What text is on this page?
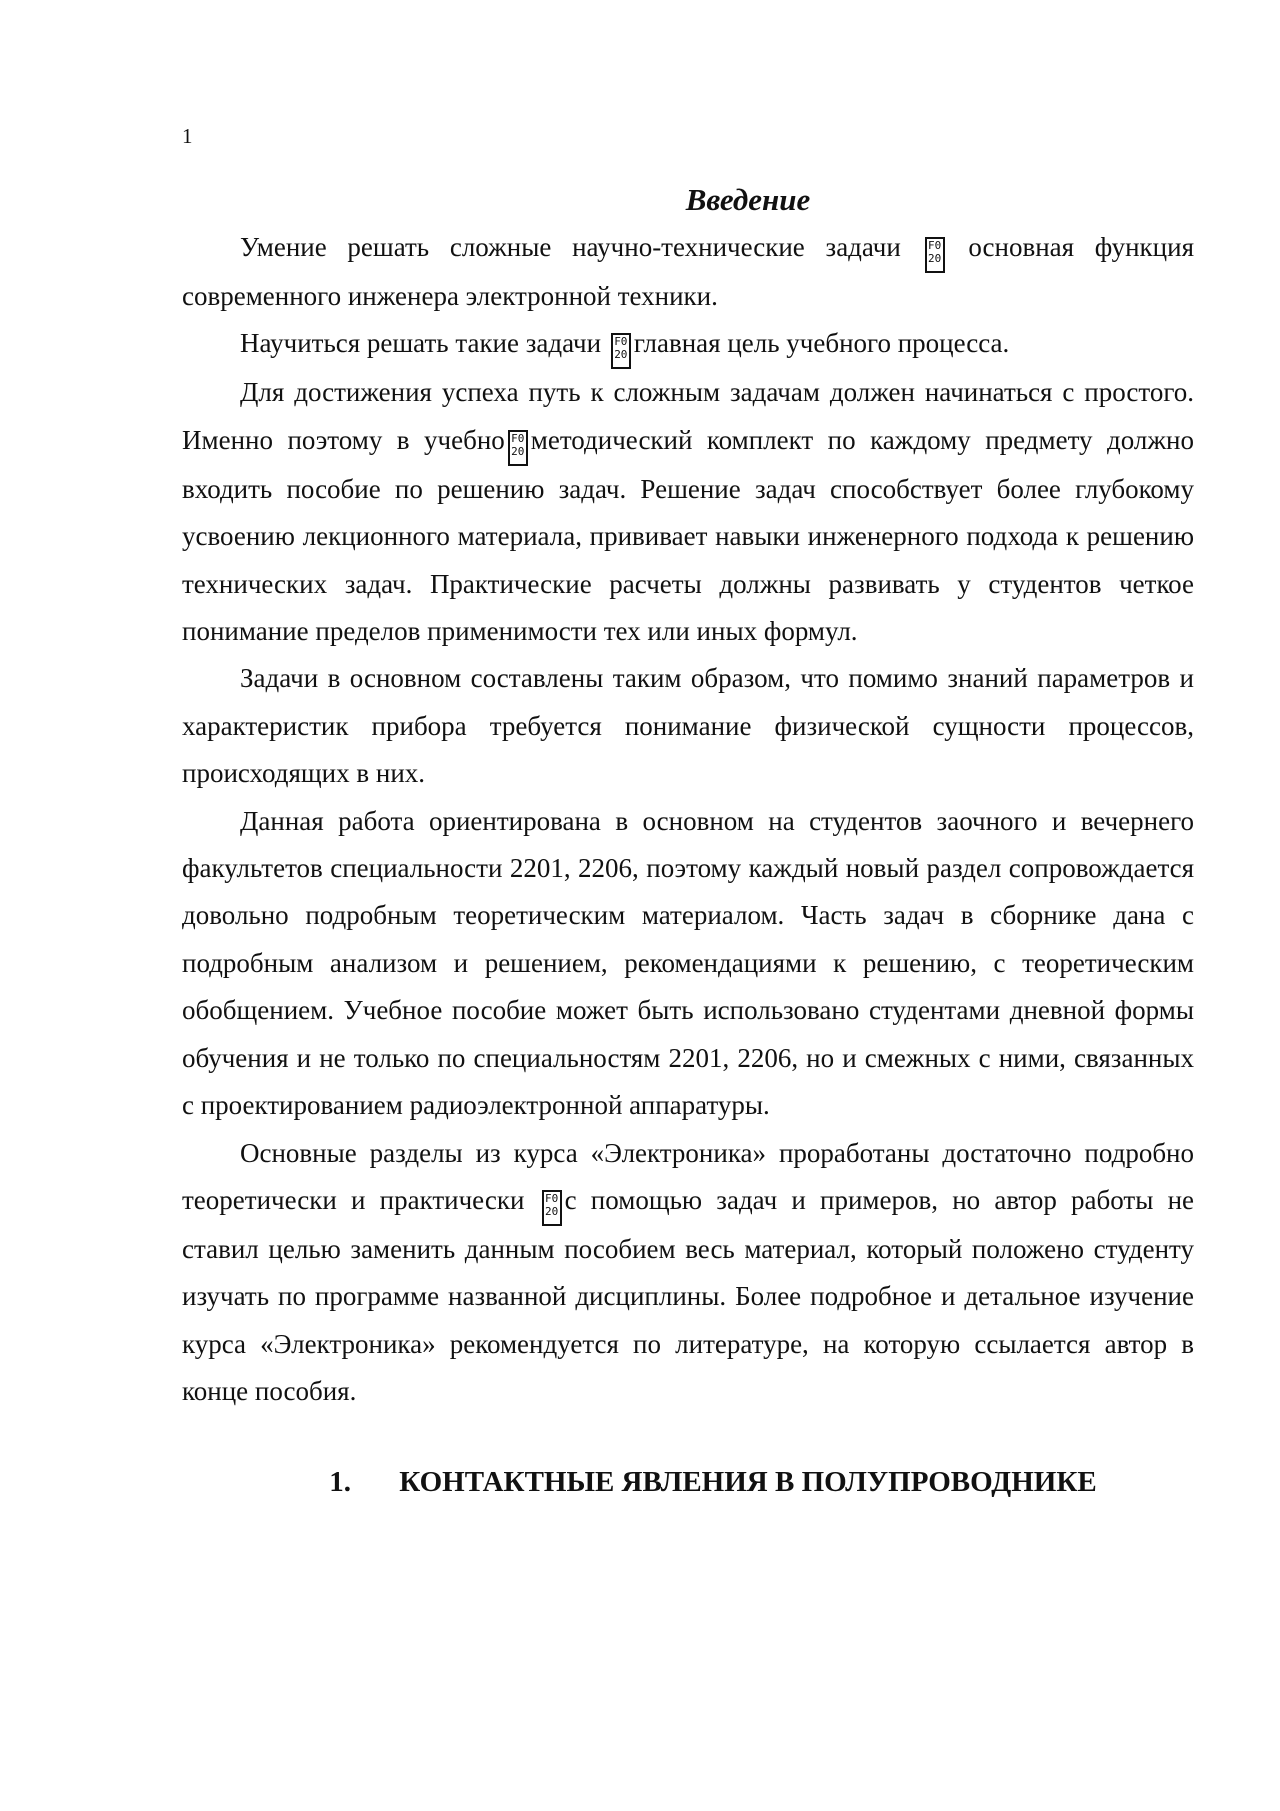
1
Введение

Умение решать сложные научно-технические задачи F0
20 основная функция современного инженера электронной техники.

Научиться решать такие задачи F0
20 главная цель учебного процесса.

Для достижения успеха путь к сложным задачам должен начинаться с простого. Именно поэтому в учебно F0
20 методический комплект по каждому предмету должно входить пособие по решению задач. Решение задач способствует более глубокому усвоению лекционного материала, прививает навыки инженерного подхода к решению технических задач. Практические расчеты должны развивать у студентов четкое понимание пределов применимости тех или иных формул.

Задачи в основном составлены таким образом, что помимо знаний параметров и характеристик прибора требуется понимание физической сущности процессов, происходящих в них.

Данная работа ориентирована в основном на студентов заочного и вечернего факультетов специальности 2201, 2206, поэтому каждый новый раздел сопровождается довольно подробным теоретическим материалом. Часть задач в сборнике дана с подробным анализом и решением, рекомендациями к решению, с теоретическим обобщением. Учебное пособие может быть использовано студентами дневной формы обучения и не только по специальностям 2201, 2206, но и смежных с ними, связанных с проектированием радиоэлектронной аппаратуры.

Основные разделы из курса «Электроника» проработаны достаточно подробно теоретически и практически F0
20 с помощью задач и примеров, но автор работы не ставил целью заменить данным пособием весь материал, который положено студенту изучать по программе названной дисциплины. Более подробное и детальное изучение курса «Электроника» рекомендуется по литературе, на которую ссылается автор в конце пособия.

1.	КОНТАКТНЫЕ ЯВЛЕНИЯ В ПОЛУПРОВОДНИКЕ
